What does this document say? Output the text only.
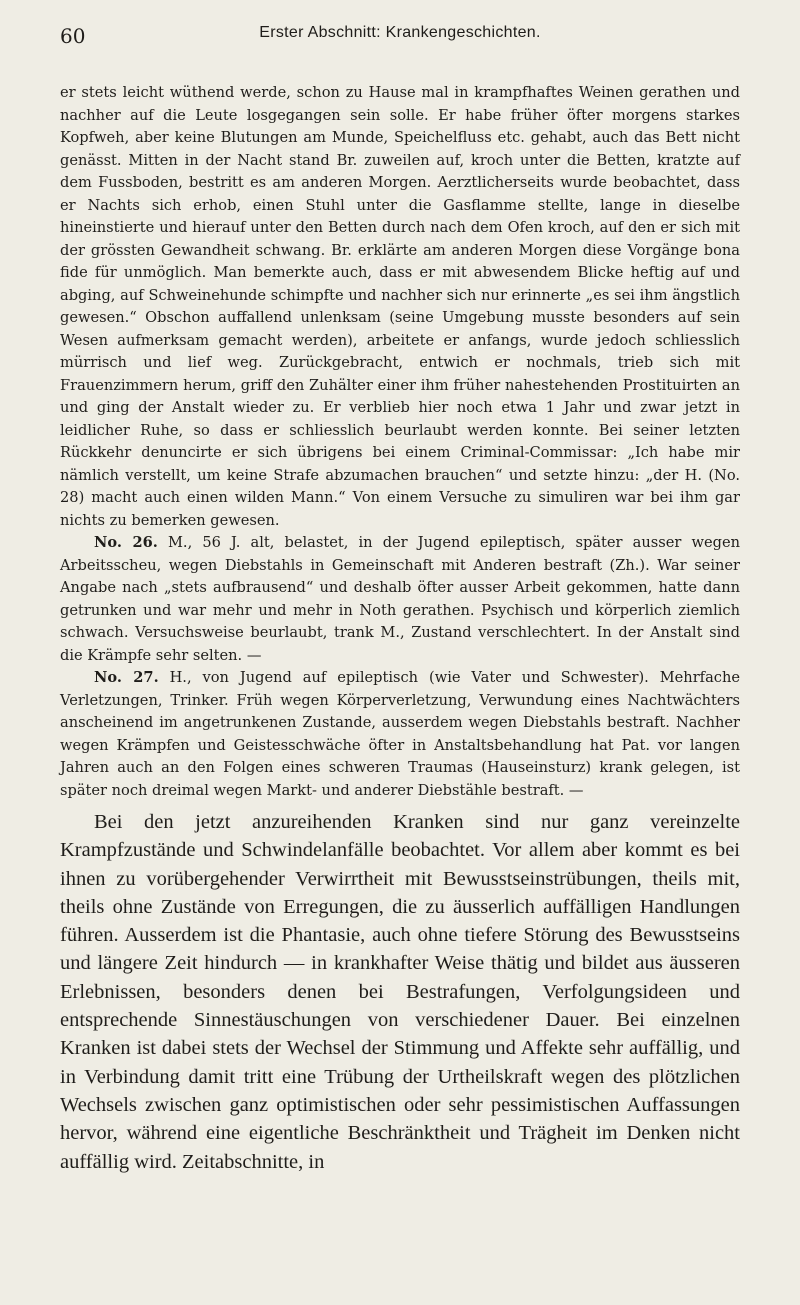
60	Erster Abschnitt: Krankengeschichten.

er stets leicht wüthend werde, schon zu Hause mal in krampfhaftes Weinen gerathen und nachher auf die Leute losgegangen sein solle. Er habe früher öfter morgens starkes Kopfweh, aber keine Blutungen am Munde, Speichelfluss etc. gehabt, auch das Bett nicht genässt. Mitten in der Nacht stand Br. zuweilen auf, kroch unter die Betten, kratzte auf dem Fussboden, bestritt es am anderen Morgen. Aerztlicherseits wurde beobachtet, dass er Nachts sich erhob, einen Stuhl unter die Gasflamme stellte, lange in dieselbe hineinstierte und hierauf unter den Betten durch nach dem Ofen kroch, auf den er sich mit der grössten Gewandheit schwang. Br. erklärte am anderen Morgen diese Vorgänge bona fide für unmöglich. Man bemerkte auch, dass er mit abwesendem Blicke heftig auf und abging, auf Schweinehunde schimpfte und nachher sich nur erinnerte „es sei ihm ängstlich gewesen.“ Obschon auffallend unlenksam (seine Umgebung musste besonders auf sein Wesen aufmerksam gemacht werden), arbeitete er anfangs, wurde jedoch schliesslich mürrisch und lief weg. Zurückgebracht, entwich er nochmals, trieb sich mit Frauenzimmern herum, griff den Zuhälter einer ihm früher nahestehenden Prostituirten an und ging der Anstalt wieder zu. Er verblieb hier noch etwa 1 Jahr und zwar jetzt in leidlicher Ruhe, so dass er schliesslich beurlaubt werden konnte. Bei seiner letzten Rückkehr denuncirte er sich übrigens bei einem Criminal-Commissar: „Ich habe mir nämlich verstellt, um keine Strafe abzumachen brauchen“ und setzte hinzu: „der H. (No. 28) macht auch einen wilden Mann.“ Von einem Versuche zu simuliren war bei ihm gar nichts zu bemerken gewesen.

No. 26. M., 56 J. alt, belastet, in der Jugend epileptisch, später ausser wegen Arbeitsscheu, wegen Diebstahls in Gemeinschaft mit Anderen bestraft (Zh.). War seiner Angabe nach „stets aufbrausend“ und deshalb öfter ausser Arbeit gekommen, hatte dann getrunken und war mehr und mehr in Noth gerathen. Psychisch und körperlich ziemlich schwach. Versuchsweise beurlaubt, trank M., Zustand verschlechtert. In der Anstalt sind die Krämpfe sehr selten. —

No. 27. H., von Jugend auf epileptisch (wie Vater und Schwester). Mehrfache Verletzungen, Trinker. Früh wegen Körperverletzung, Verwundung eines Nachtwächters anscheinend im angetrunkenen Zustande, ausserdem wegen Diebstahls bestraft. Nachher wegen Krämpfen und Geistesschwäche öfter in Anstaltsbehandlung hat Pat. vor langen Jahren auch an den Folgen eines schweren Traumas (Hauseinsturz) krank gelegen, ist später noch dreimal wegen Markt- und anderer Diebstähle bestraft. —

Bei den jetzt anzureihenden Kranken sind nur ganz vereinzelte Krampfzustände und Schwindelanfälle beobachtet. Vor allem aber kommt es bei ihnen zu vorübergehender Verwirrtheit mit Bewusstseinstrübungen, theils mit, theils ohne Zustände von Erregungen, die zu äusserlich auffälligen Handlungen führen. Ausserdem ist die Phantasie, auch ohne tiefere Störung des Bewusstseins und längere Zeit hindurch — in krankhafter Weise thätig und bildet aus äusseren Erlebnissen, besonders denen bei Bestrafungen, Verfolgungsideen und entsprechende Sinnestäuschungen von verschiedener Dauer. Bei einzelnen Kranken ist dabei stets der Wechsel der Stimmung und Affekte sehr auffällig, und in Verbindung damit tritt eine Trübung der Urtheilskraft wegen des plötzlichen Wechsels zwischen ganz optimistischen oder sehr pessimistischen Auffassungen hervor, während eine eigentliche Beschränktheit und Trägheit im Denken nicht auffällig wird. Zeitabschnitte, in
